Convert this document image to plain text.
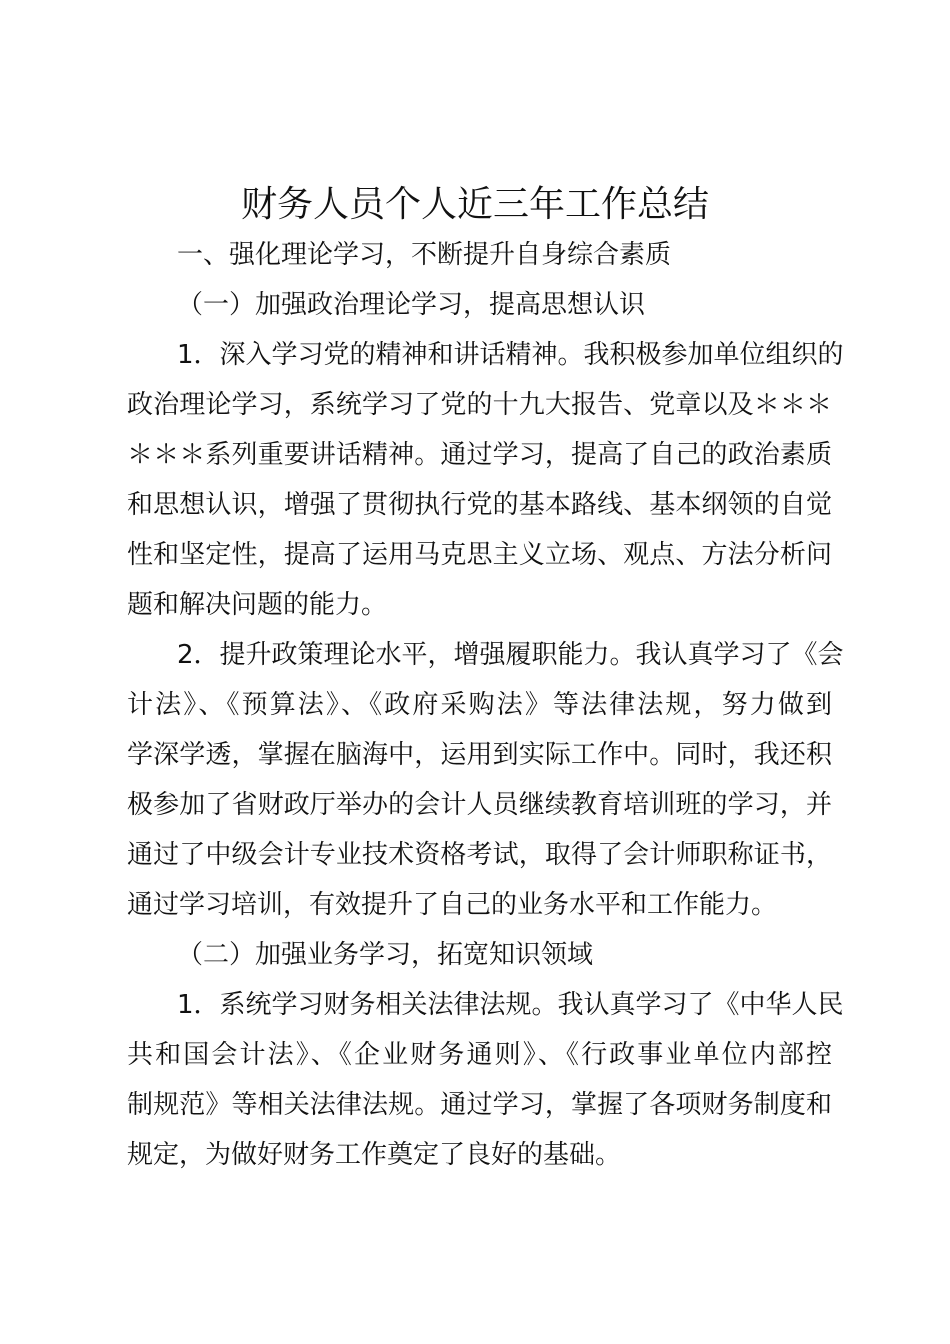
财务人员个人近三年工作总结

一、强化理论学习，不断提升自身综合素质

（一）加强政治理论学习，提高思想认识

1．深入学习党的精神和讲话精神。我积极参加单位组织的

政治理论学习，系统学习了党的十九大报告、党章以及＊＊＊

＊＊＊系列重要讲话精神。通过学习，提高了自己的政治素质

和思想认识，增强了贯彻执行党的基本路线、基本纲领的自觉

性和坚定性，提高了运用马克思主义立场、观点、方法分析问

题和解决问题的能力。

2．提升政策理论水平，增强履职能力。我认真学习了《会

计法》、《预算法》、《政府采购法》等法律法规，努力做到

学深学透，掌握在脑海中，运用到实际工作中。同时，我还积

极参加了省财政厅举办的会计人员继续教育培训班的学习，并

通过了中级会计专业技术资格考试，取得了会计师职称证书，

通过学习培训，有效提升了自己的业务水平和工作能力。

（二）加强业务学习，拓宽知识领域

1．系统学习财务相关法律法规。我认真学习了《中华人民

共和国会计法》、《企业财务通则》、《行政事业单位内部控

制规范》等相关法律法规。通过学习，掌握了各项财务制度和

规定，为做好财务工作奠定了良好的基础。
